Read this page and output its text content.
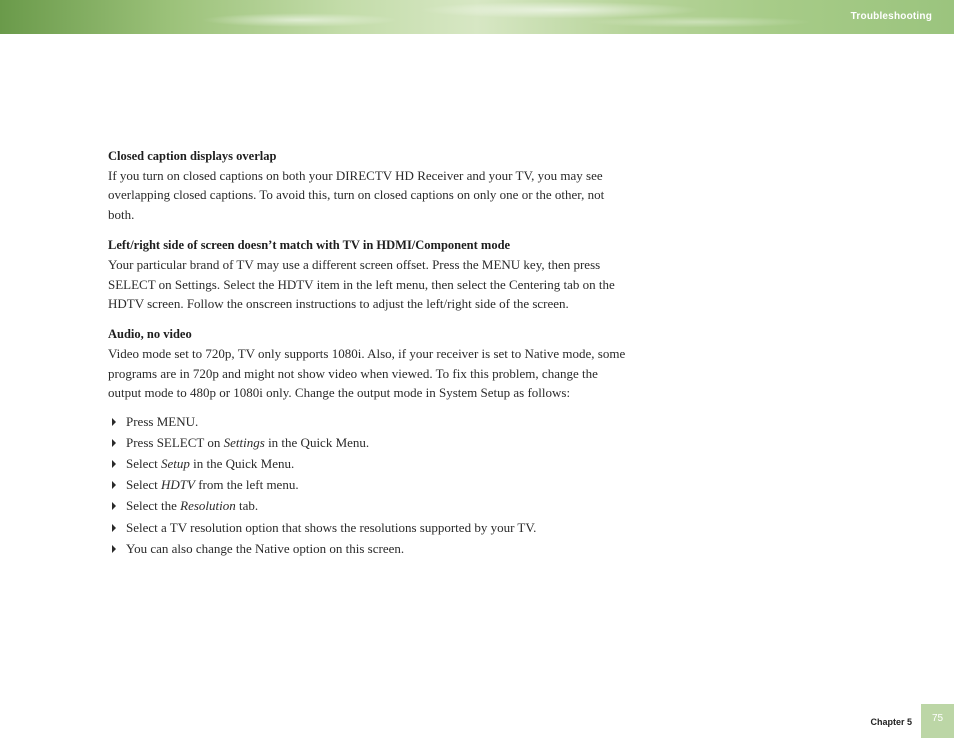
Troubleshooting
Closed caption displays overlap

If you turn on closed captions on both your DIRECTV HD Receiver and your TV, you may see overlapping closed captions. To avoid this, turn on closed captions on only one or the other, not both.

Left/right side of screen doesn’t match with TV in HDMI/Component mode

Your particular brand of TV may use a different screen offset. Press the MENU key, then press SELECT on Settings. Select the HDTV item in the left menu, then select the Centering tab on the HDTV screen. Follow the onscreen instructions to adjust the left/right side of the screen.

Audio, no video

Video mode set to 720p, TV only supports 1080i. Also, if your receiver is set to Native mode, some programs are in 720p and might not show video when viewed. To fix this problem, change the output mode to 480p or 1080i only. Change the output mode in System Setup as follows:

Press MENU.
Press SELECT on Settings in the Quick Menu.
Select Setup in the Quick Menu.
Select HDTV from the left menu.
Select the Resolution tab.
Select a TV resolution option that shows the resolutions supported by your TV.
You can also change the Native option on this screen.
Chapter 5	75
